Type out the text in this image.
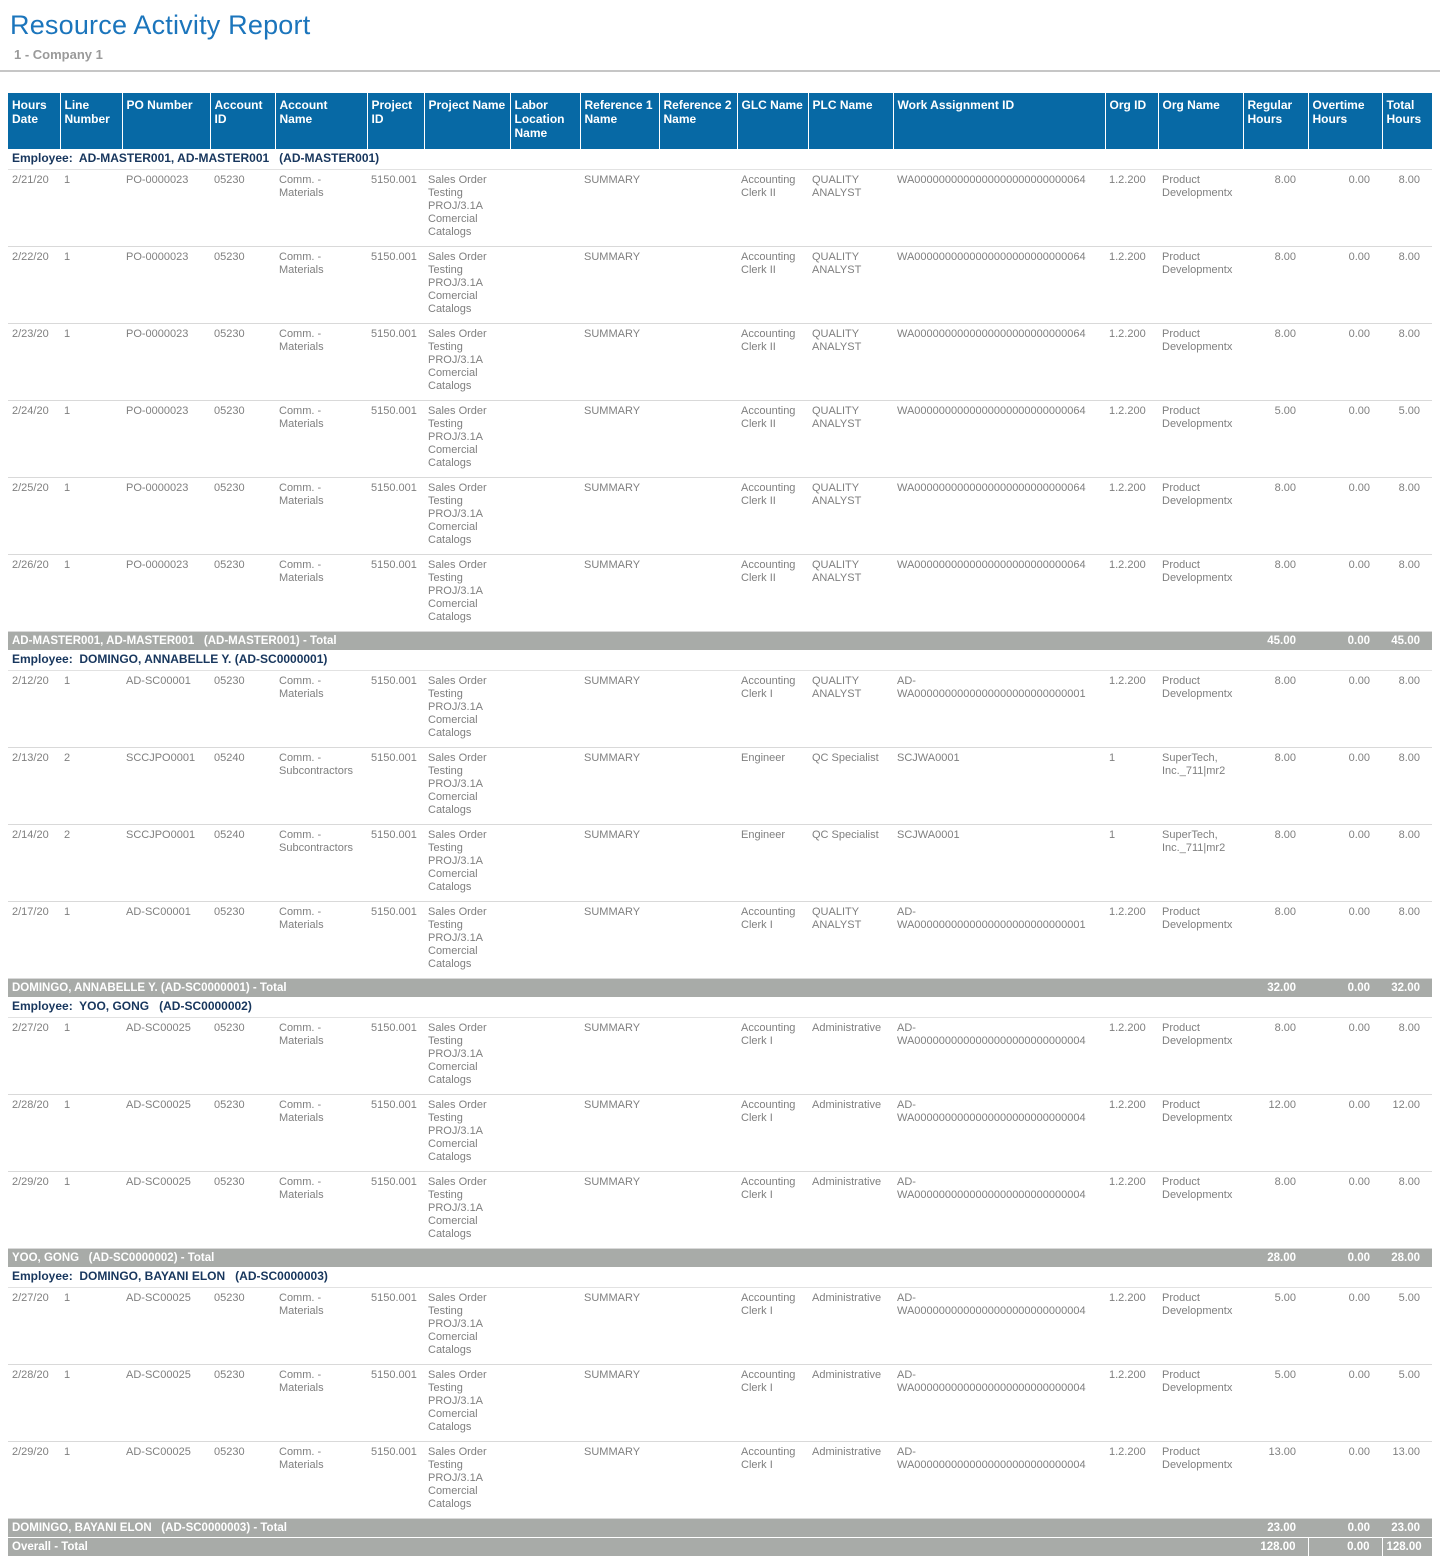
Resource Activity Report
1 - Company 1
Hours Date	Line Number	PO Number	Account ID	Account Name	Project ID	Project Name	Labor Location Name	Reference 1 Name	Reference 2 Name	GLC Name	PLC Name	Work Assignment ID	Org ID	Org Name	Regular Hours	Overtime Hours	Total Hours
Employee:  AD-MASTER001, AD-MASTER001   (AD-MASTER001)																	
2/21/20	1	PO-0000023	05230	Comm. - Materials	5150.001	Sales Order Testing PROJ/3.1A Comercial Catalogs		SUMMARY		Accounting Clerk II	QUALITY ANALYST	WA0000000000000000000000000064	1.2.200	Product Developmentx	8.00	0.00	8.00
2/22/20	1	PO-0000023	05230	Comm. - Materials	5150.001	Sales Order Testing PROJ/3.1A Comercial Catalogs		SUMMARY		Accounting Clerk II	QUALITY ANALYST	WA0000000000000000000000000064	1.2.200	Product Developmentx	8.00	0.00	8.00
2/23/20	1	PO-0000023	05230	Comm. - Materials	5150.001	Sales Order Testing PROJ/3.1A Comercial Catalogs		SUMMARY		Accounting Clerk II	QUALITY ANALYST	WA0000000000000000000000000064	1.2.200	Product Developmentx	8.00	0.00	8.00
2/24/20	1	PO-0000023	05230	Comm. - Materials	5150.001	Sales Order Testing PROJ/3.1A Comercial Catalogs		SUMMARY		Accounting Clerk II	QUALITY ANALYST	WA0000000000000000000000000064	1.2.200	Product Developmentx	5.00	0.00	5.00
2/25/20	1	PO-0000023	05230	Comm. - Materials	5150.001	Sales Order Testing PROJ/3.1A Comercial Catalogs		SUMMARY		Accounting Clerk II	QUALITY ANALYST	WA0000000000000000000000000064	1.2.200	Product Developmentx	8.00	0.00	8.00
2/26/20	1	PO-0000023	05230	Comm. - Materials	5150.001	Sales Order Testing PROJ/3.1A Comercial Catalogs		SUMMARY		Accounting Clerk II	QUALITY ANALYST	WA0000000000000000000000000064	1.2.200	Product Developmentx	8.00	0.00	8.00
AD-MASTER001, AD-MASTER001   (AD-MASTER001) - Total															45.00	0.00	45.00
Employee:  DOMINGO, ANNABELLE Y. (AD-SC0000001)																	
2/12/20	1	AD-SC00001	05230	Comm. - Materials	5150.001	Sales Order Testing PROJ/3.1A Comercial Catalogs		SUMMARY		Accounting Clerk I	QUALITY ANALYST	AD-WA0000000000000000000000000001	1.2.200	Product Developmentx	8.00	0.00	8.00
2/13/20	2	SCCJPO0001	05240	Comm. - Subcontractors	5150.001	Sales Order Testing PROJ/3.1A Comercial Catalogs		SUMMARY		Engineer	QC Specialist	SCJWA0001	1	SuperTech, Inc._711|mr2	8.00	0.00	8.00
2/14/20	2	SCCJPO0001	05240	Comm. - Subcontractors	5150.001	Sales Order Testing PROJ/3.1A Comercial Catalogs		SUMMARY		Engineer	QC Specialist	SCJWA0001	1	SuperTech, Inc._711|mr2	8.00	0.00	8.00
2/17/20	1	AD-SC00001	05230	Comm. - Materials	5150.001	Sales Order Testing PROJ/3.1A Comercial Catalogs		SUMMARY		Accounting Clerk I	QUALITY ANALYST	AD-WA0000000000000000000000000001	1.2.200	Product Developmentx	8.00	0.00	8.00
DOMINGO, ANNABELLE Y. (AD-SC0000001) - Total															32.00	0.00	32.00
Employee:  YOO, GONG   (AD-SC0000002)																	
2/27/20	1	AD-SC00025	05230	Comm. - Materials	5150.001	Sales Order Testing PROJ/3.1A Comercial Catalogs		SUMMARY		Accounting Clerk I	Administrative	AD-WA0000000000000000000000000004	1.2.200	Product Developmentx	8.00	0.00	8.00
2/28/20	1	AD-SC00025	05230	Comm. - Materials	5150.001	Sales Order Testing PROJ/3.1A Comercial Catalogs		SUMMARY		Accounting Clerk I	Administrative	AD-WA0000000000000000000000000004	1.2.200	Product Developmentx	12.00	0.00	12.00
2/29/20	1	AD-SC00025	05230	Comm. - Materials	5150.001	Sales Order Testing PROJ/3.1A Comercial Catalogs		SUMMARY		Accounting Clerk I	Administrative	AD-WA0000000000000000000000000004	1.2.200	Product Developmentx	8.00	0.00	8.00
YOO, GONG   (AD-SC0000002) - Total															28.00	0.00	28.00
Employee:  DOMINGO, BAYANI ELON   (AD-SC0000003)																	
2/27/20	1	AD-SC00025	05230	Comm. - Materials	5150.001	Sales Order Testing PROJ/3.1A Comercial Catalogs		SUMMARY		Accounting Clerk I	Administrative	AD-WA0000000000000000000000000004	1.2.200	Product Developmentx	5.00	0.00	5.00
2/28/20	1	AD-SC00025	05230	Comm. - Materials	5150.001	Sales Order Testing PROJ/3.1A Comercial Catalogs		SUMMARY		Accounting Clerk I	Administrative	AD-WA0000000000000000000000000004	1.2.200	Product Developmentx	5.00	0.00	5.00
2/29/20	1	AD-SC00025	05230	Comm. - Materials	5150.001	Sales Order Testing PROJ/3.1A Comercial Catalogs		SUMMARY		Accounting Clerk I	Administrative	AD-WA0000000000000000000000000004	1.2.200	Product Developmentx	13.00	0.00	13.00
DOMINGO, BAYANI ELON   (AD-SC0000003) - Total															23.00	0.00	23.00
Overall - Total															128.00	0.00	128.00
